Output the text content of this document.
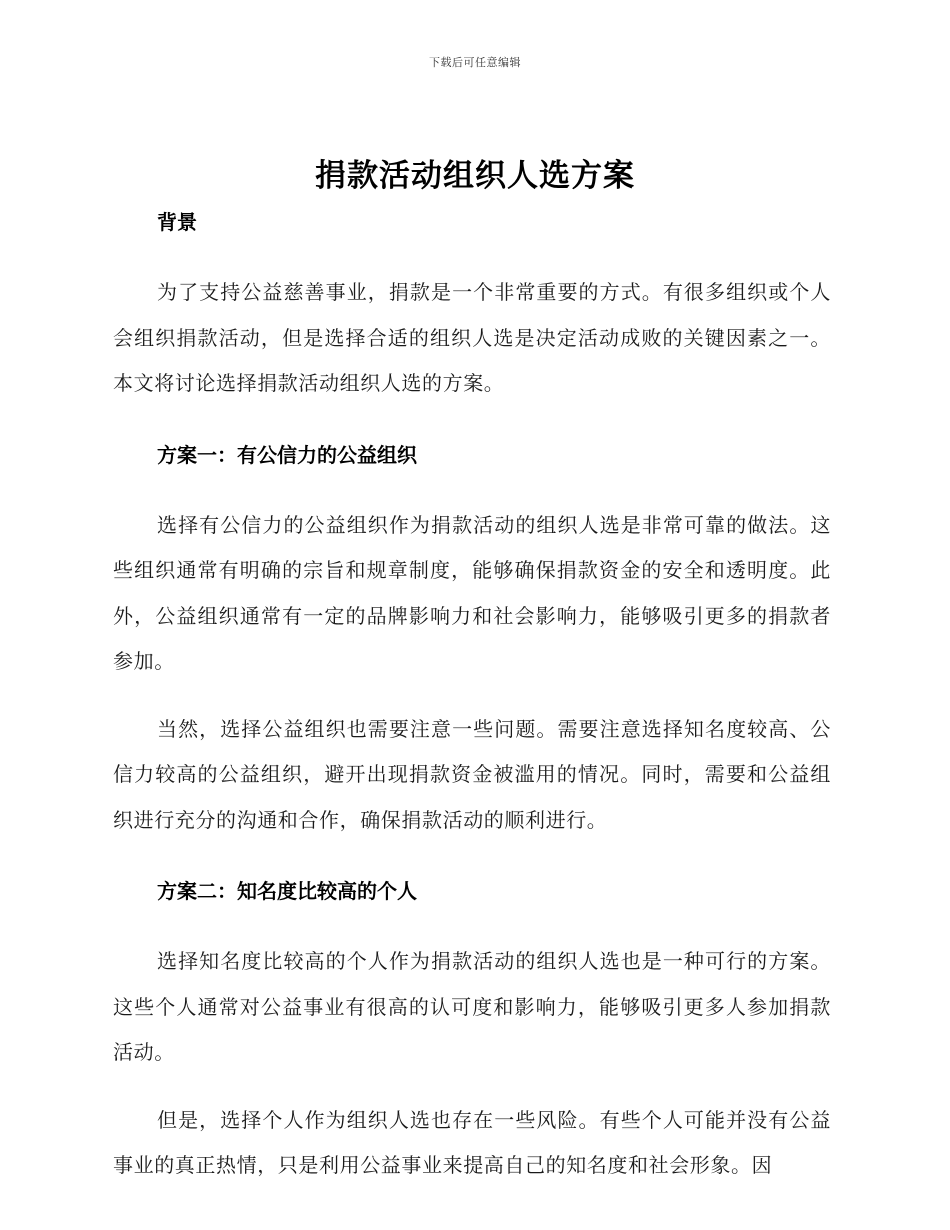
下载后可任意编辑
捐款活动组织人选方案

背景

为了支持公益慈善事业，捐款是一个非常重要的方式。有很多组织或个人会组织捐款活动，但是选择合适的组织人选是决定活动成败的关键因素之一。本文将讨论选择捐款活动组织人选的方案。

方案一：有公信力的公益组织

选择有公信力的公益组织作为捐款活动的组织人选是非常可靠的做法。这些组织通常有明确的宗旨和规章制度，能够确保捐款资金的安全和透明度。此外，公益组织通常有一定的品牌影响力和社会影响力，能够吸引更多的捐款者参加。

当然，选择公益组织也需要注意一些问题。需要注意选择知名度较高、公信力较高的公益组织，避开出现捐款资金被滥用的情况。同时，需要和公益组织进行充分的沟通和合作，确保捐款活动的顺利进行。

方案二：知名度比较高的个人

选择知名度比较高的个人作为捐款活动的组织人选也是一种可行的方案。这些个人通常对公益事业有很高的认可度和影响力，能够吸引更多人参加捐款活动。

但是，选择个人作为组织人选也存在一些风险。有些个人可能并没有公益事业的真正热情，只是利用公益事业来提高自己的知名度和社会形象。因
